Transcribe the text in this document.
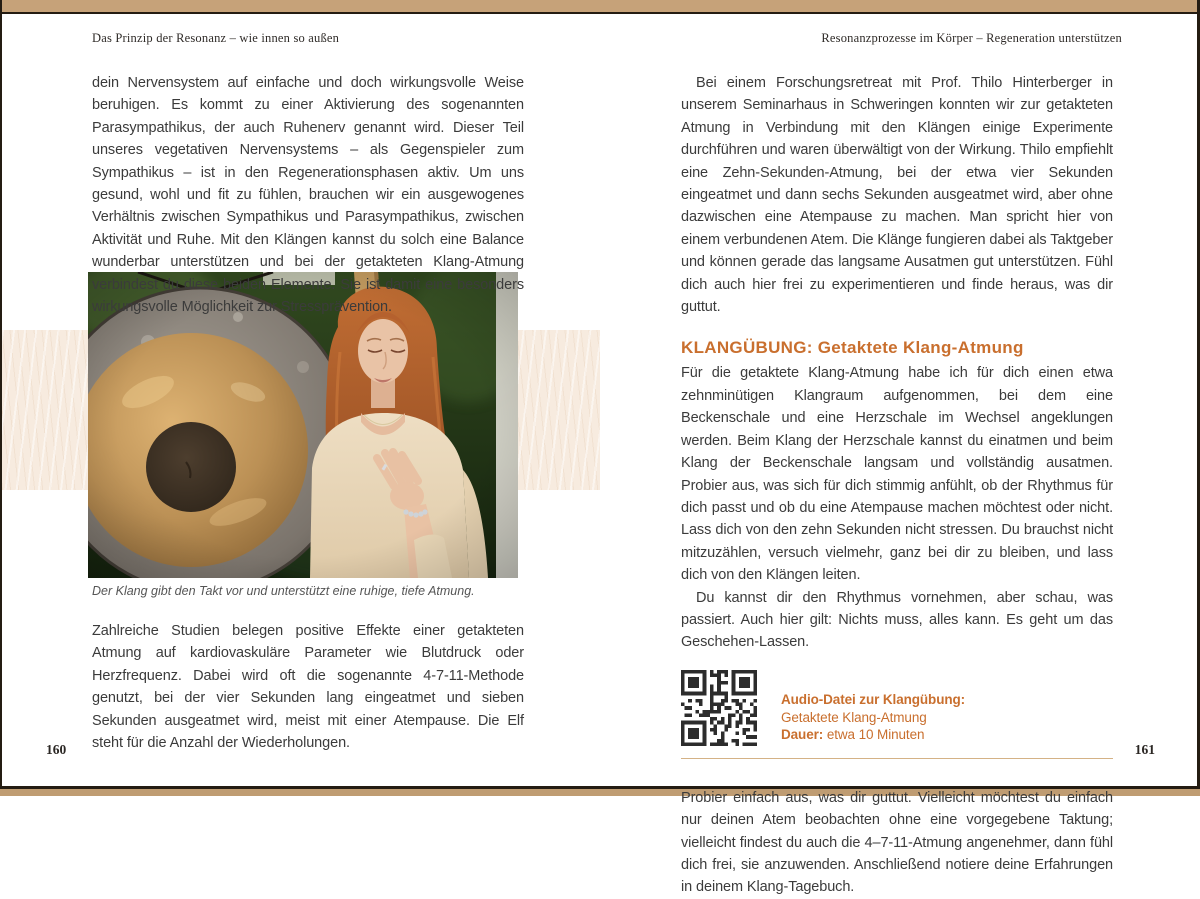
Das Prinzip der Resonanz – wie innen so außen	Resonanzprozesse im Körper – Regeneration unterstützen

dein Nervensystem auf einfache und doch wirkungsvolle Weise beruhigen. Es kommt zu einer Aktivierung des sogenannten Parasympathikus, der auch Ruhenerv genannt wird. Dieser Teil unseres vegetativen Nervensystems – als Gegenspieler zum Sympathikus – ist in den Regenerationsphasen aktiv. Um uns gesund, wohl und fit zu fühlen, brauchen wir ein ausgewogenes Verhältnis zwischen Sympathikus und Parasympathikus, zwischen Aktivität und Ruhe. Mit den Klängen kannst du solch eine Balance wunderbar unterstützen und bei der getakteten Klang-Atmung verbindest du diese beiden Elemente. Sie ist damit eine besonders wirkungsvolle Möglichkeit zur Stressprävention.

Der Klang gibt den Takt vor und unterstützt eine ruhige, tiefe Atmung.

Zahlreiche Studien belegen positive Effekte einer getakteten Atmung auf kardiovaskuläre Parameter wie Blutdruck oder Herzfrequenz. Dabei wird oft die sogenannte 4-7-11-Methode genutzt, bei der vier Sekunden lang eingeatmet und sieben Sekunden ausgeatmet wird, meist mit einer Atempause. Die Elf steht für die Anzahl der Wiederholungen.

160

Bei einem Forschungsretreat mit Prof. Thilo Hinterberger in unserem Seminarhaus in Schweringen konnten wir zur getakteten Atmung in Verbindung mit den Klängen einige Experimente durchführen und waren überwältigt von der Wirkung. Thilo empfiehlt eine Zehn-Sekunden-Atmung, bei der etwa vier Sekunden eingeatmet und dann sechs Sekunden ausgeatmet wird, aber ohne dazwischen eine Atempause zu machen. Man spricht hier von einem verbundenen Atem. Die Klänge fungieren dabei als Taktgeber und können gerade das langsame Ausatmen gut unterstützen. Fühl dich auch hier frei zu experimentieren und finde heraus, was dir guttut.

KLANGÜBUNG: Getaktete Klang-Atmung

Für die getaktete Klang-Atmung habe ich für dich einen etwa zehnminütigen Klangraum aufgenommen, bei dem eine Beckenschale und eine Herzschale im Wechsel angeklungen werden. Beim Klang der Herzschale kannst du einatmen und beim Klang der Beckenschale langsam und vollständig ausatmen. Probier aus, was sich für dich stimmig anfühlt, ob der Rhythmus für dich passt und ob du eine Atempause machen möchtest oder nicht. Lass dich von den zehn Sekunden nicht stressen. Du brauchst nicht mitzuzählen, versuch vielmehr, ganz bei dir zu bleiben, und lass dich von den Klängen leiten.

Du kannst dir den Rhythmus vornehmen, aber schau, was passiert. Auch hier gilt: Nichts muss, alles kann. Es geht um das Geschehen-Lassen.

Audio-Datei zur Klangübung:
Getaktete Klang-Atmung
Dauer: etwa 10 Minuten

Probier einfach aus, was dir guttut. Vielleicht möchtest du einfach nur deinen Atem beobachten ohne eine vorgegebene Taktung; vielleicht findest du auch die 4–7-11-Atmung angenehmer, dann fühl dich frei, sie anzuwenden. Anschließend notiere deine Erfahrungen in deinem Klang-Tagebuch.

161
